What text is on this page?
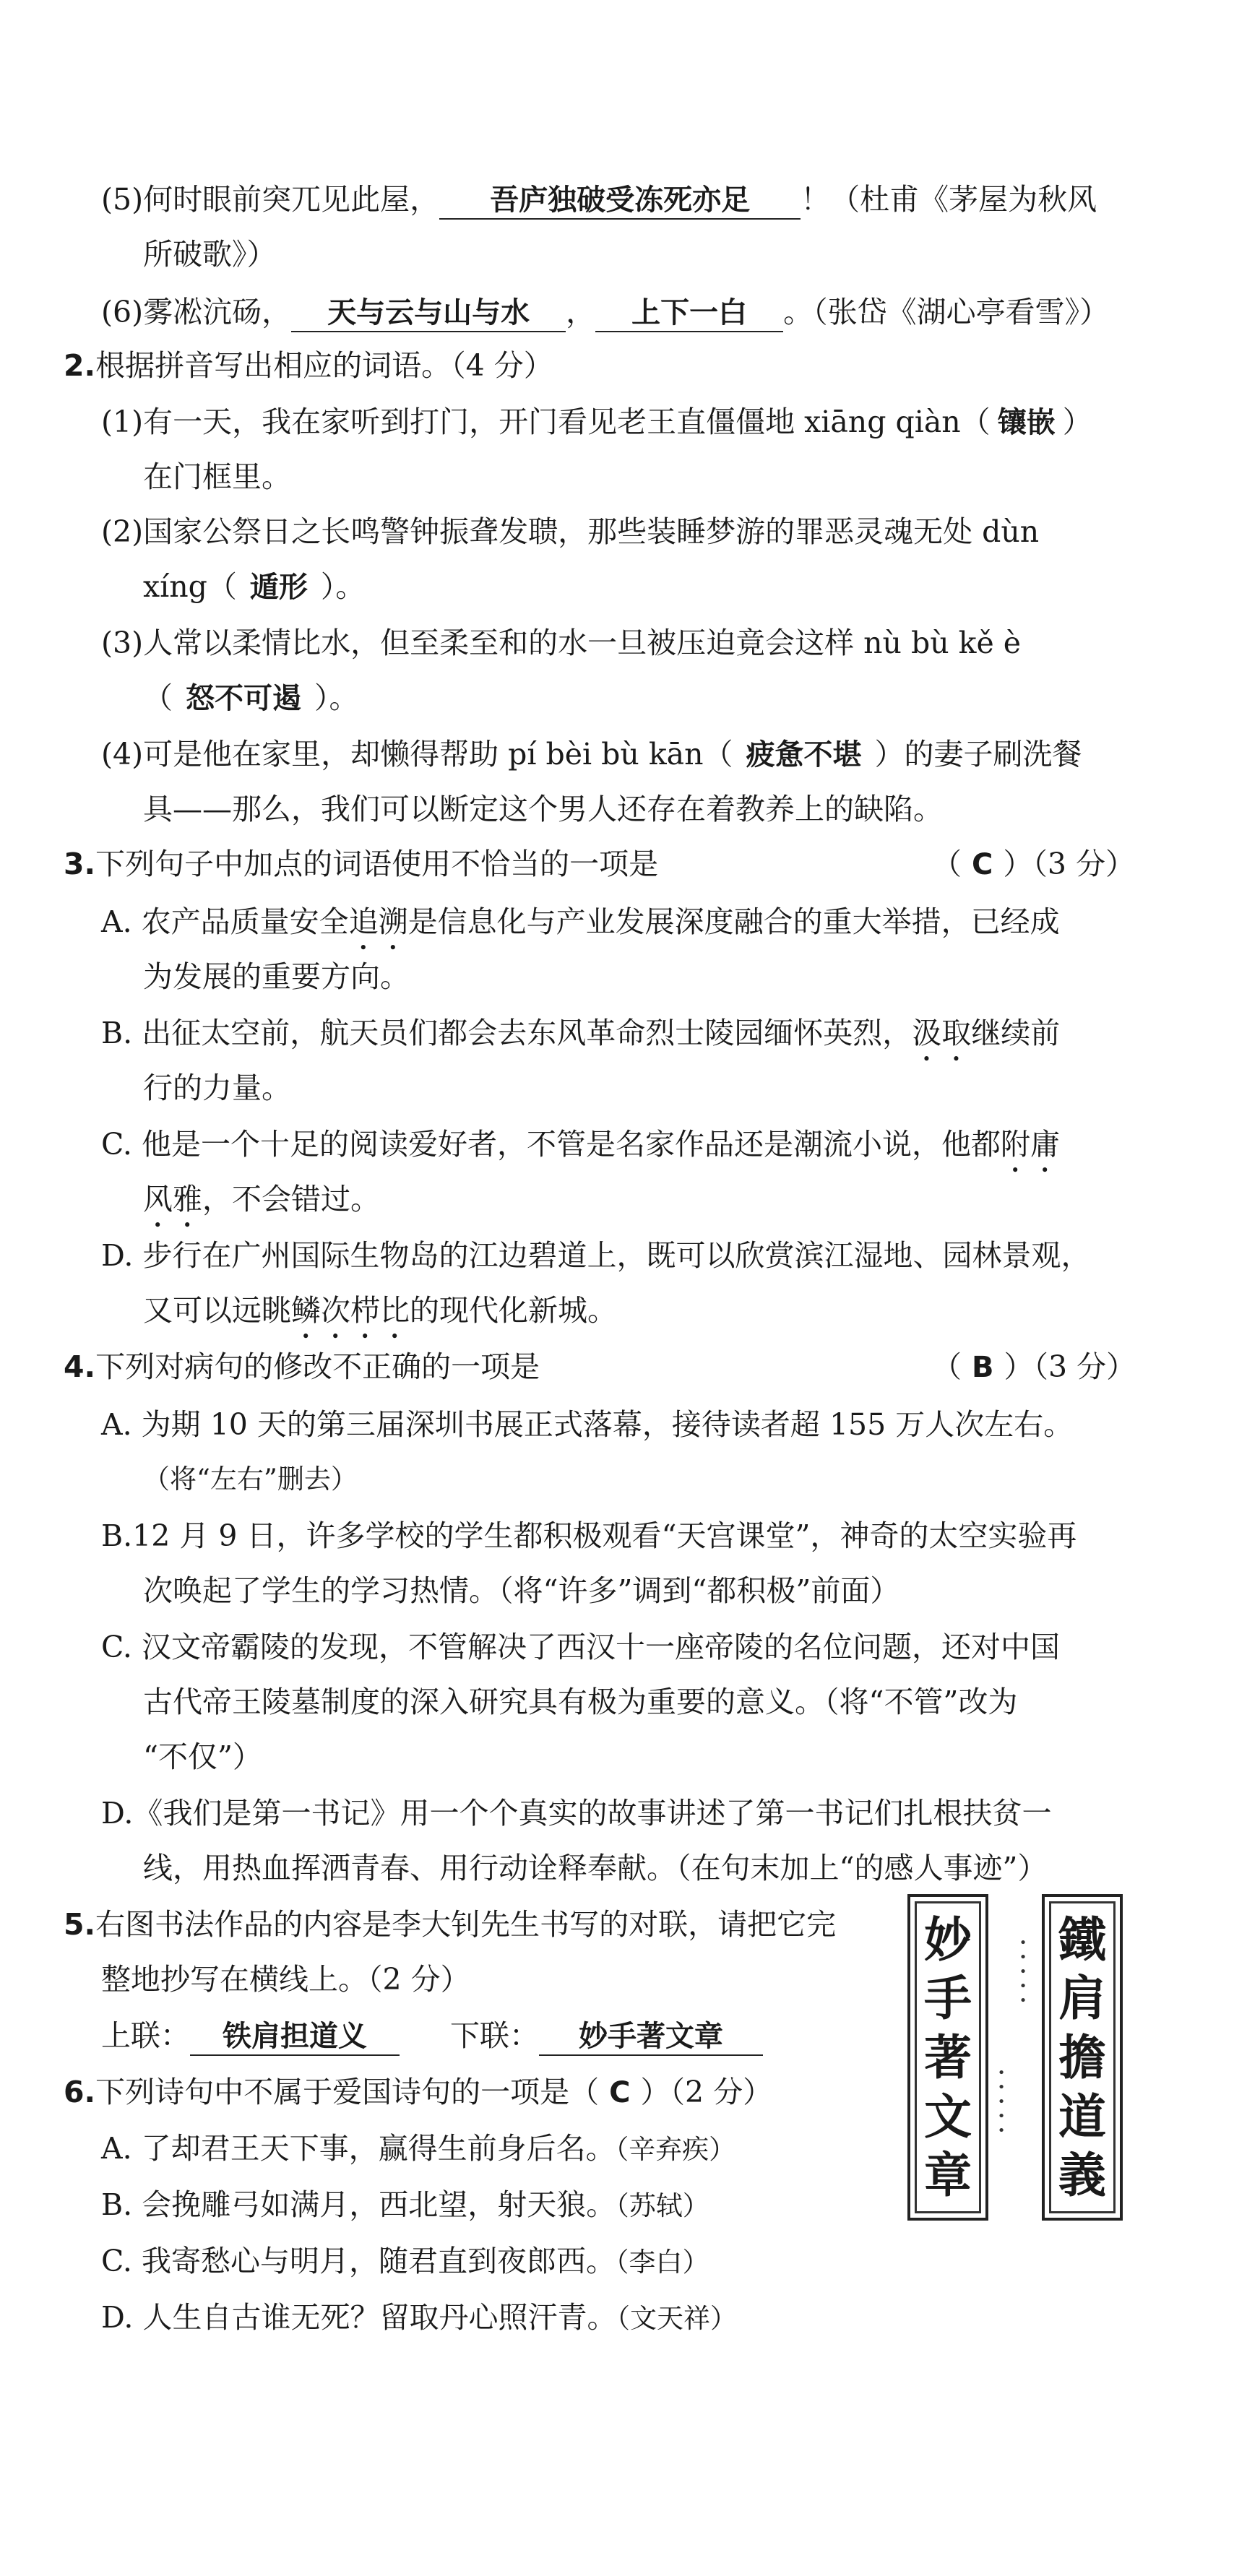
(5)何时眼前突兀见此屋， 吾庐独破受冻死亦足 ！（杜甫《茅屋为秋风
所破歌》）
(6)雾凇沆砀， 天与云与山与水 ， 上下一白 。（张岱《湖心亭看雪》）
2.根据拼音写出相应的词语。（4 分）
(1)有一天，我在家听到打门，开门看见老王直僵僵地 xiāng qiàn（ 镶嵌 ）
在门框里。
(2)国家公祭日之长鸣警钟振聋发聩，那些装睡梦游的罪恶灵魂无处 dùn
xíng（ 遁形 ）。
(3)人常以柔情比水，但至柔至和的水一旦被压迫竟会这样 nù bù kě è
（ 怒不可遏 ）。
(4)可是他在家里，却懒得帮助 pí bèi bù kān（ 疲惫不堪 ）的妻子刷洗餐
具——那么，我们可以断定这个男人还存在着教养上的缺陷。
3.下列句子中加点的词语使用不恰当的一项是	（ C ）（3 分）
A. 农产品质量安全追溯是信息化与产业发展深度融合的重大举措，已经成
为发展的重要方向。
B. 出征太空前，航天员们都会去东风革命烈士陵园缅怀英烈，汲取继续前
行的力量。
C. 他是一个十足的阅读爱好者，不管是名家作品还是潮流小说，他都附庸
风雅，不会错过。
D. 步行在广州国际生物岛的江边碧道上，既可以欣赏滨江湿地、园林景观，
又可以远眺鳞次栉比的现代化新城。
4.下列对病句的修改不正确的一项是	（ B ）（3 分）
A. 为期 10 天的第三届深圳书展正式落幕，接待读者超 155 万人次左右。
（将“左右”删去）
B.12 月 9 日，许多学校的学生都积极观看“天宫课堂”，神奇的太空实验再
次唤起了学生的学习热情。（将“许多”调到“都积极”前面）
C. 汉文帝霸陵的发现，不管解决了西汉十一座帝陵的名位问题，还对中国
古代帝王陵墓制度的深入研究具有极为重要的意义。（将“不管”改为
“不仅”）
D.《我们是第一书记》用一个个真实的故事讲述了第一书记们扎根扶贫一
线，用热血挥洒青春、用行动诠释奉献。（在句末加上“的感人事迹”）
5.右图书法作品的内容是李大钊先生书写的对联，请把它完
整地抄写在横线上。（2 分）
上联： 铁肩担道义	下联： 妙手著文章
妙
手
著
文
章
鐵
肩
擔
道
義
• • •
• •
• •
• •
•
6.下列诗句中不属于爱国诗句的一项是（ C ）（2 分）
A. 了却君王天下事，赢得生前身后名。（辛弃疾）
B. 会挽雕弓如满月，西北望，射天狼。（苏轼）
C. 我寄愁心与明月，随君直到夜郎西。（李白）
D. 人生自古谁无死？留取丹心照汗青。（文天祥）
